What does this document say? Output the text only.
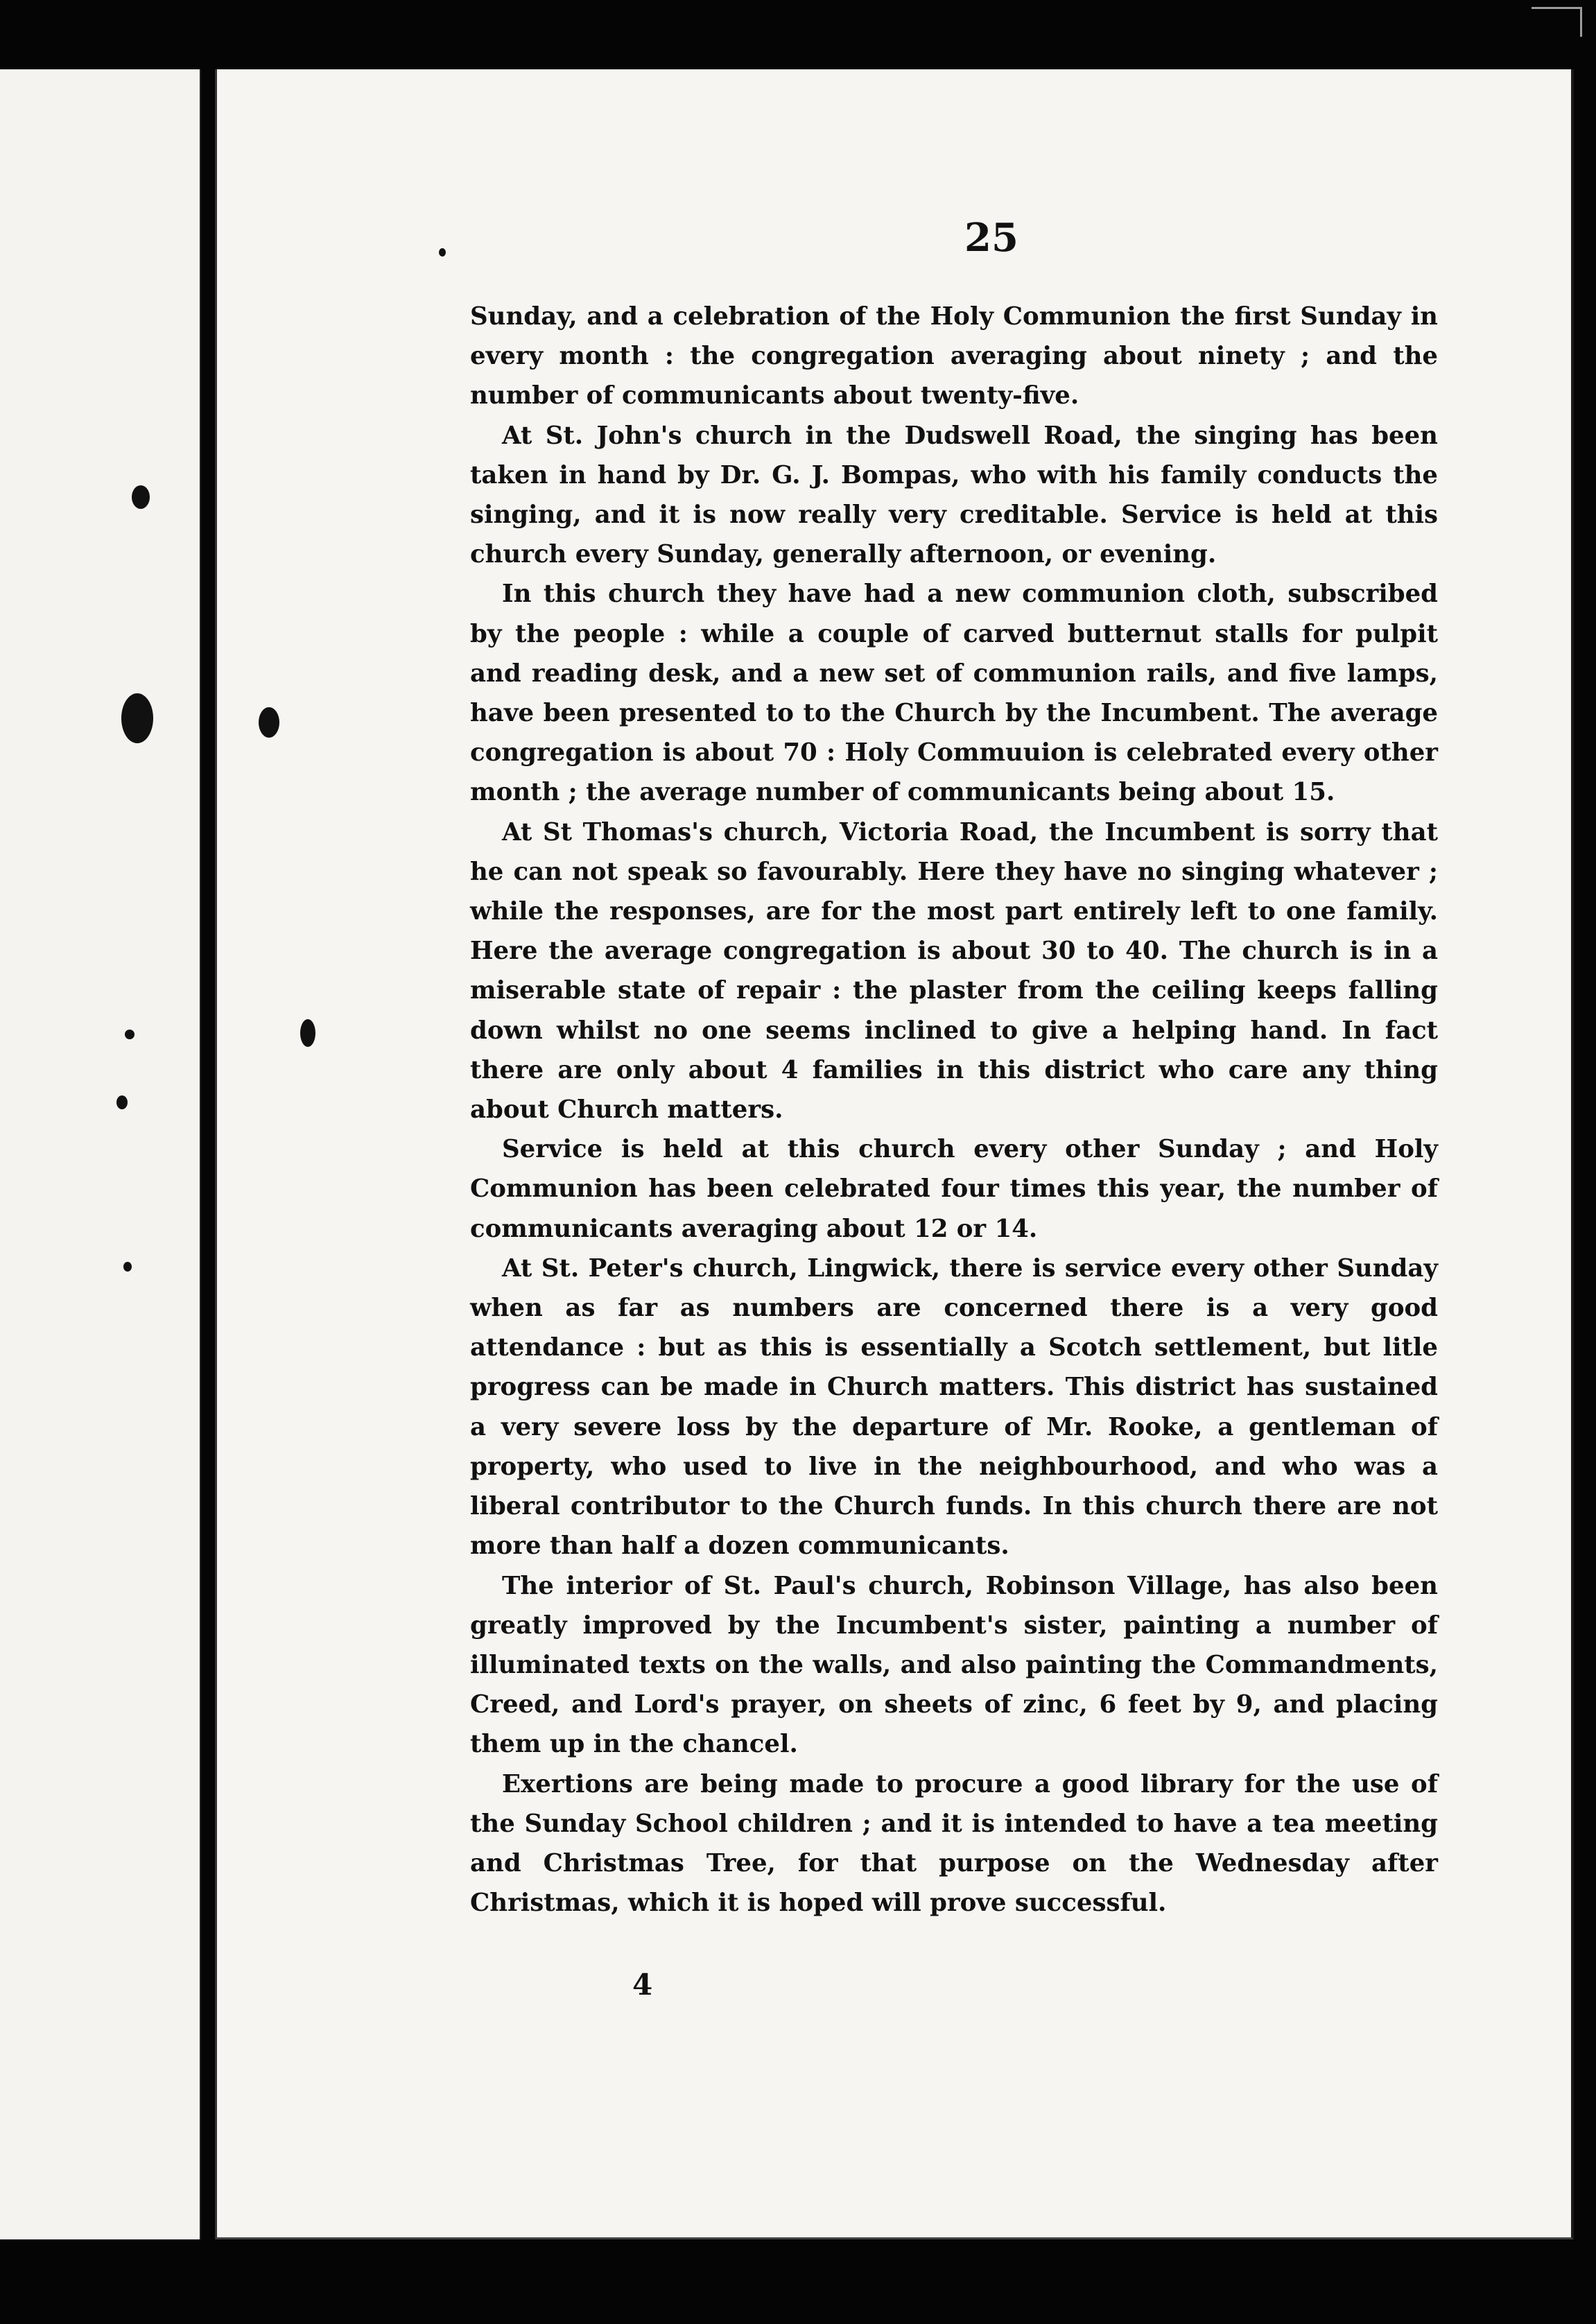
25

Sunday, and a celebration of the Holy Communion the first Sunday in every month : the congregation averaging about ninety ; and the number of communicants about twenty-five.

At St. John's church in the Dudswell Road, the singing has been taken in hand by Dr. G. J. Bompas, who with his family conducts the singing, and it is now really very creditable. Service is held at this church every Sunday, generally afternoon, or evening.

In this church they have had a new communion cloth, subscribed by the people : while a couple of carved butternut stalls for pulpit and reading desk, and a new set of communion rails, and five lamps, have been presented to to the Church by the Incumbent. The average congregation is about 70 : Holy Commuuion is celebrated every other month ; the average number of communicants being about 15.

At St Thomas's church, Victoria Road, the Incumbent is sorry that he can not speak so favourably. Here they have no singing whatever ; while the responses, are for the most part entirely left to one family. Here the average congregation is about 30 to 40. The church is in a miserable state of repair : the plaster from the ceiling keeps falling down whilst no one seems inclined to give a helping hand. In fact there are only about 4 families in this district who care any thing about Church matters.

Service is held at this church every other Sunday ; and Holy Communion has been celebrated four times this year, the number of communicants averaging about 12 or 14.

At St. Peter's church, Lingwick, there is service every other Sunday when as far as numbers are concerned there is a very good attendance : but as this is essentially a Scotch settlement, but litle progress can be made in Church matters. This district has sustained a very severe loss by the departure of Mr. Rooke, a gentleman of property, who used to live in the neighbourhood, and who was a liberal contributor to the Church funds. In this church there are not more than half a dozen communicants.

The interior of St. Paul's church, Robinson Village, has also been greatly improved by the Incumbent's sister, painting a number of illuminated texts on the walls, and also painting the Commandments, Creed, and Lord's prayer, on sheets of zinc, 6 feet by 9, and placing them up in the chancel.

Exertions are being made to procure a good library for the use of the Sunday School children ; and it is intended to have a tea meeting and Christmas Tree, for that purpose on the Wednesday after Christmas, which it is hoped will prove successful.

4
